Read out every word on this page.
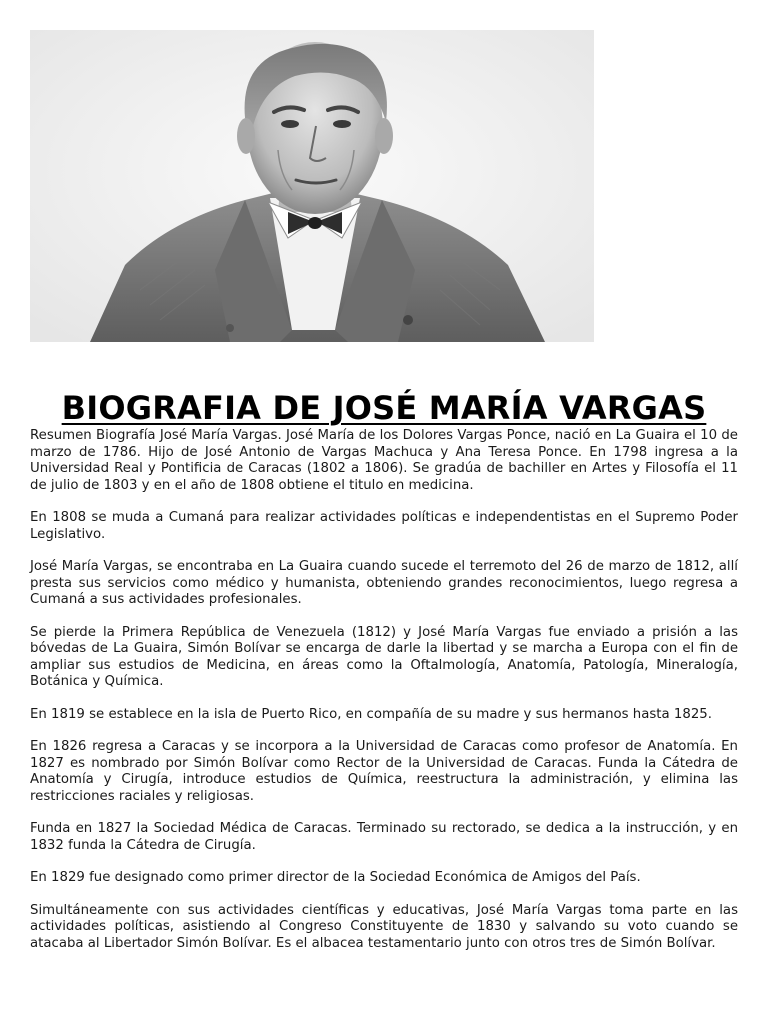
BIOGRAFIA DE JOSÉ MARÍA VARGAS

Resumen Biografía José María Vargas. José María de los Dolores Vargas Ponce, nació en La Guaira el 10 de marzo de 1786. Hijo de José Antonio de Vargas Machuca y Ana Teresa Ponce. En 1798 ingresa a la Universidad Real y Pontificia de Caracas (1802 a 1806). Se gradúa de bachiller en Artes y Filosofía el 11 de julio de 1803 y en el año de 1808 obtiene el titulo en medicina.

En 1808 se muda a Cumaná para realizar actividades políticas e independentistas en el Supremo Poder Legislativo.

José María Vargas, se encontraba en La Guaira cuando sucede el terremoto del 26 de marzo de 1812, allí presta sus servicios como médico y humanista, obteniendo grandes reconocimientos, luego regresa a Cumaná a sus actividades profesionales.

Se pierde la Primera República de Venezuela (1812) y José María Vargas fue enviado a prisión a las bóvedas de La Guaira, Simón Bolívar se encarga de darle la libertad y se marcha a Europa con el fin de ampliar sus estudios de Medicina, en áreas como la Oftalmología, Anatomía, Patología, Mineralogía, Botánica y Química.

En 1819 se establece en la isla de Puerto Rico, en compañía de su madre y sus hermanos hasta 1825.

En 1826 regresa a Caracas y se incorpora a la Universidad de Caracas como profesor de Anatomía. En 1827 es nombrado por Simón Bolívar como Rector de la Universidad de Caracas. Funda la Cátedra de Anatomía y Cirugía, introduce estudios de Química, reestructura la administración, y elimina las restricciones raciales y religiosas.

Funda en 1827 la Sociedad Médica de Caracas. Terminado su rectorado, se dedica a la instrucción, y en 1832 funda la Cátedra de Cirugía.

En 1829 fue designado como primer director de la Sociedad Económica de Amigos del País.

Simultáneamente con sus actividades científicas y educativas, José María Vargas toma parte en las actividades políticas, asistiendo al Congreso Constituyente de 1830 y salvando su voto cuando se atacaba al Libertador Simón Bolívar. Es el albacea testamentario junto con otros tres de Simón Bolívar.
